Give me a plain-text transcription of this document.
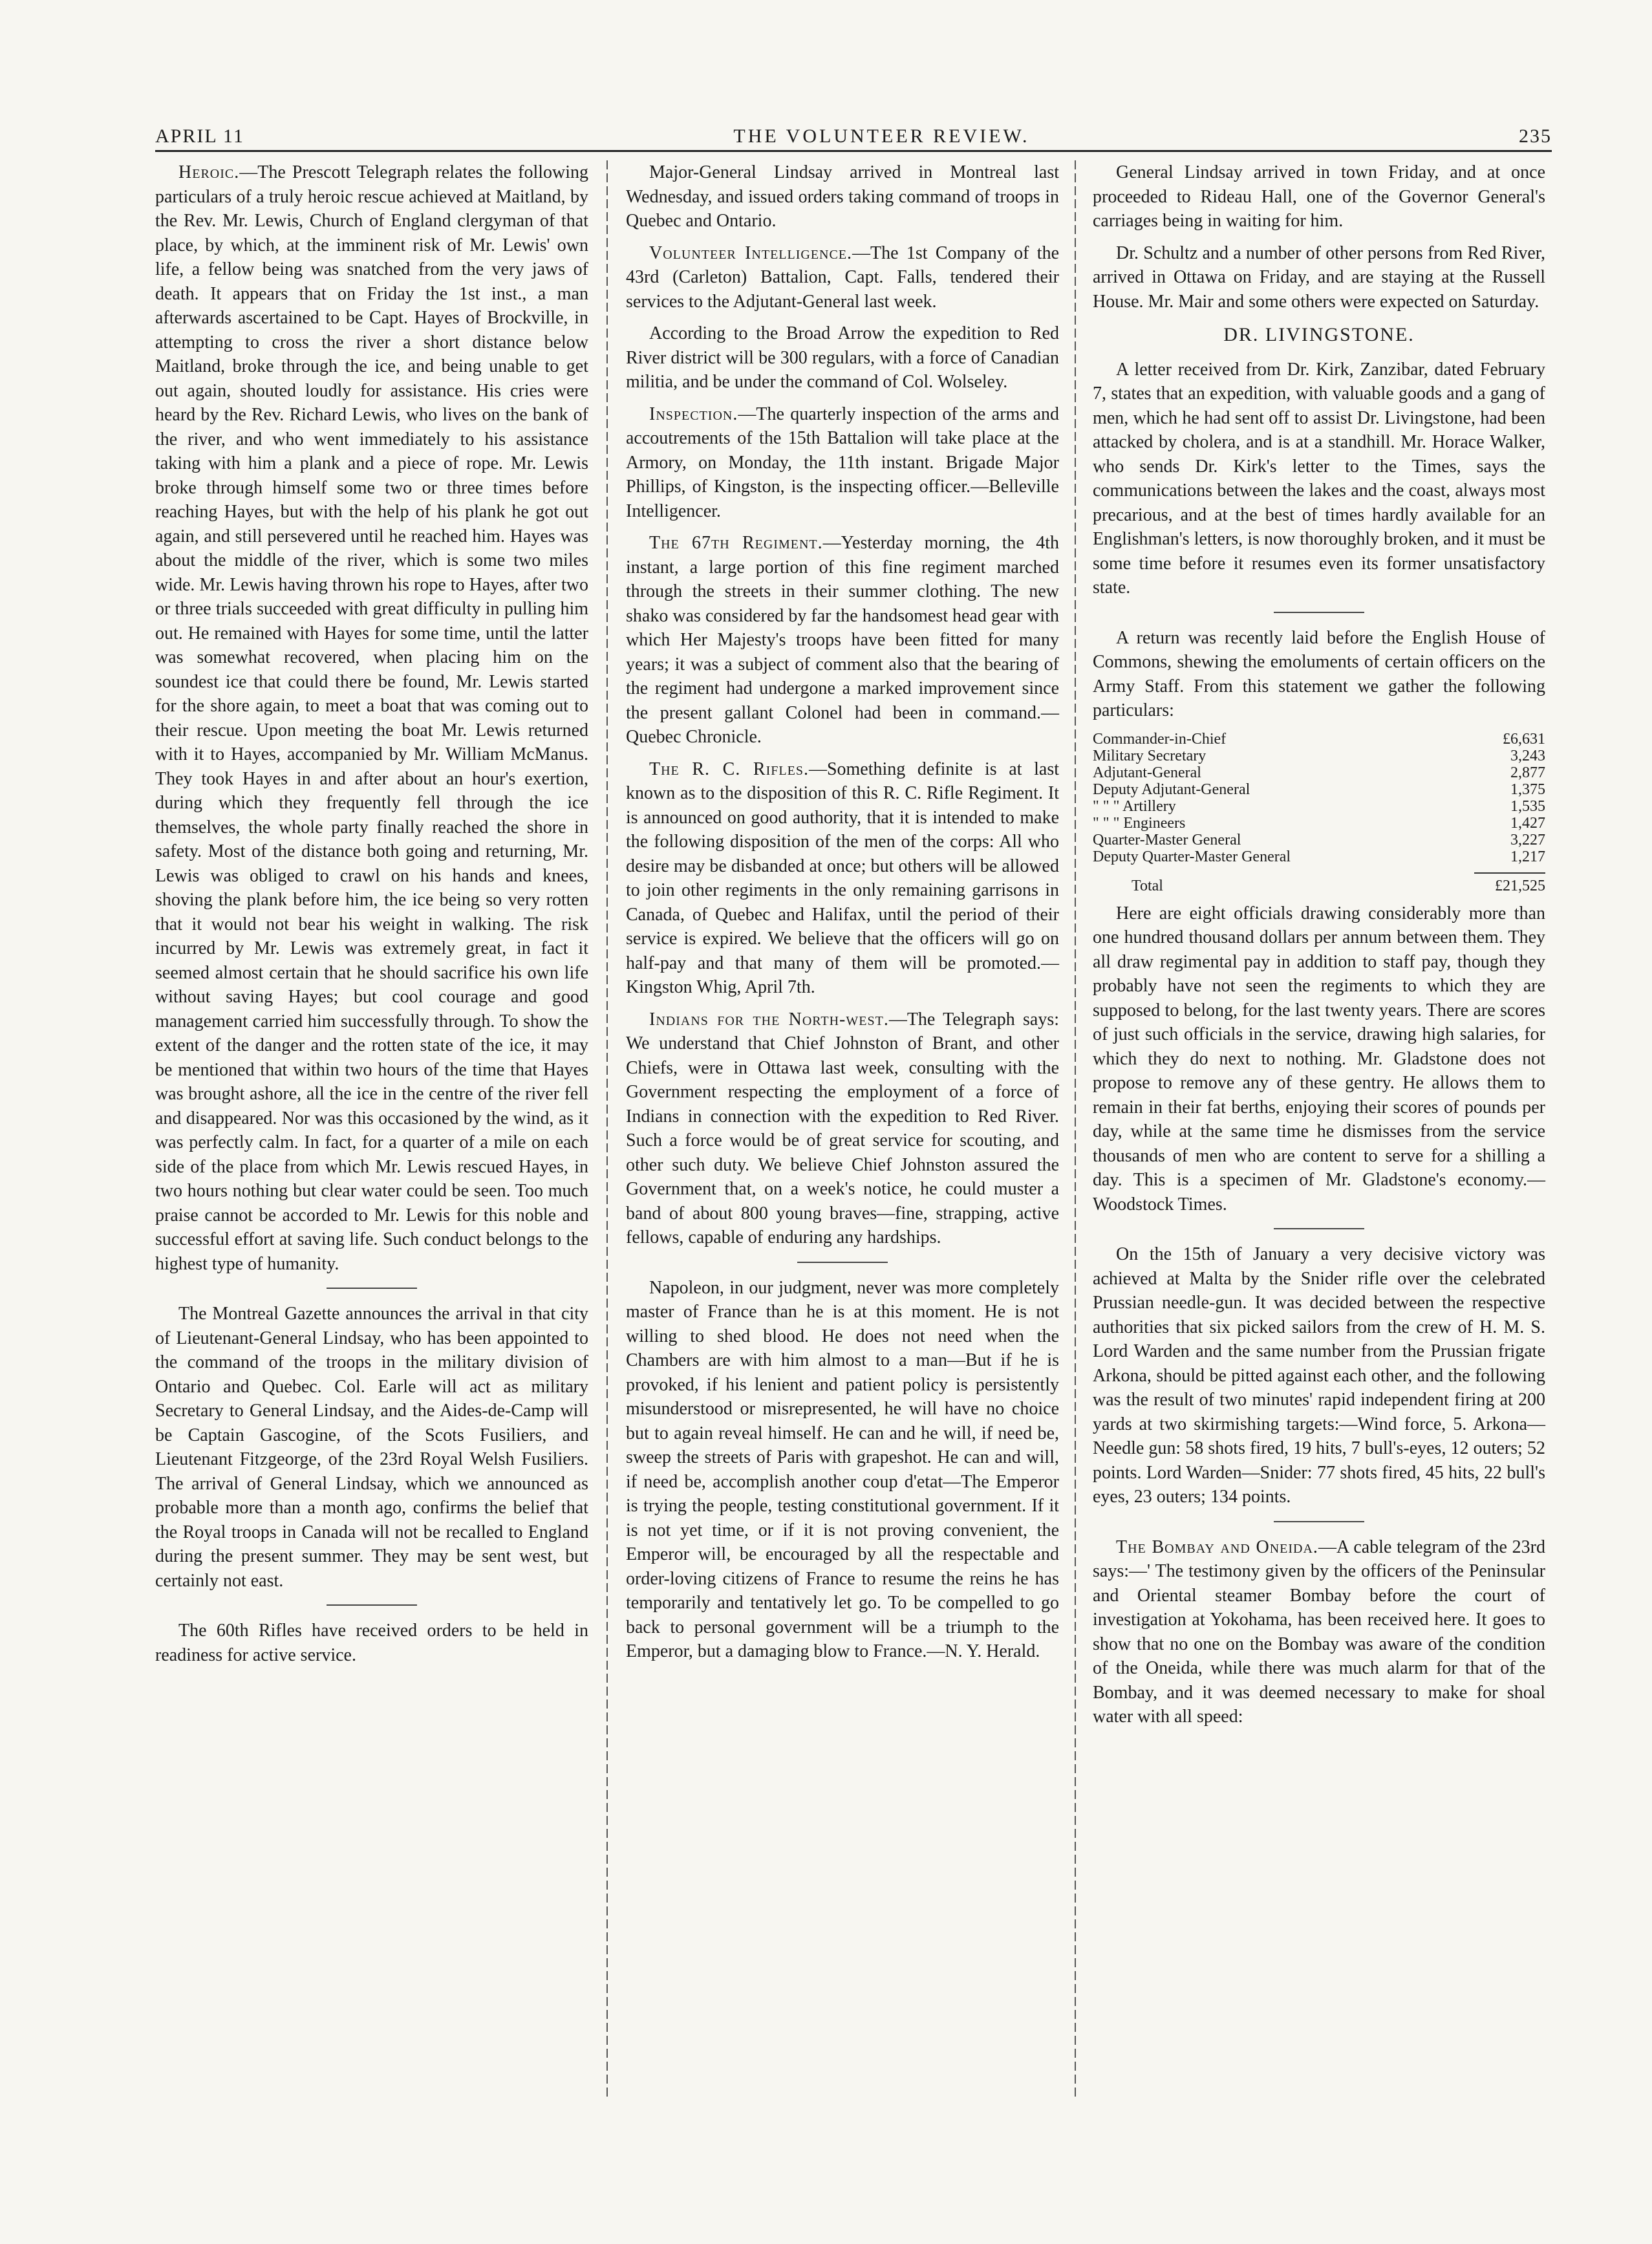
APRIL 11	THE VOLUNTEER REVIEW.	235

Heroic.—The Prescott Telegraph relates the following particulars of a truly heroic rescue achieved at Maitland, by the Rev. Mr. Lewis, Church of England clergyman of that place, by which, at the imminent risk of Mr. Lewis' own life, a fellow being was snatched from the very jaws of death. It appears that on Friday the 1st inst., a man afterwards ascertained to be Capt. Hayes of Brockville, in attempting to cross the river a short distance below Maitland, broke through the ice, and being unable to get out again, shouted loudly for assistance. His cries were heard by the Rev. Richard Lewis, who lives on the bank of the river, and who went immediately to his assistance taking with him a plank and a piece of rope. Mr. Lewis broke through himself some two or three times before reaching Hayes, but with the help of his plank he got out again, and still persevered until he reached him. Hayes was about the middle of the river, which is some two miles wide. Mr. Lewis having thrown his rope to Hayes, after two or three trials succeeded with great difficulty in pulling him out. He remained with Hayes for some time, until the latter was somewhat recovered, when placing him on the soundest ice that could there be found, Mr. Lewis started for the shore again, to meet a boat that was coming out to their rescue. Upon meeting the boat Mr. Lewis returned with it to Hayes, accompanied by Mr. William McManus. They took Hayes in and after about an hour's exertion, during which they frequently fell through the ice themselves, the whole party finally reached the shore in safety. Most of the distance both going and returning, Mr. Lewis was obliged to crawl on his hands and knees, shoving the plank before him, the ice being so very rotten that it would not bear his weight in walking. The risk incurred by Mr. Lewis was extremely great, in fact it seemed almost certain that he should sacrifice his own life without saving Hayes; but cool courage and good management carried him successfully through. To show the extent of the danger and the rotten state of the ice, it may be mentioned that within two hours of the time that Hayes was brought ashore, all the ice in the centre of the river fell and disappeared. Nor was this occasioned by the wind, as it was perfectly calm. In fact, for a quarter of a mile on each side of the place from which Mr. Lewis rescued Hayes, in two hours nothing but clear water could be seen. Too much praise cannot be accorded to Mr. Lewis for this noble and successful effort at saving life. Such conduct belongs to the highest type of humanity.

The Montreal Gazette announces the arrival in that city of Lieutenant-General Lindsay, who has been appointed to the command of the troops in the military division of Ontario and Quebec. Col. Earle will act as military Secretary to General Lindsay, and the Aides-de-Camp will be Captain Gascogine, of the Scots Fusiliers, and Lieutenant Fitzgeorge, of the 23rd Royal Welsh Fusiliers. The arrival of General Lindsay, which we announced as probable more than a month ago, confirms the belief that the Royal troops in Canada will not be recalled to England during the present summer. They may be sent west, but certainly not east.

The 60th Rifles have received orders to be held in readiness for active service.

Major-General Lindsay arrived in Montreal last Wednesday, and issued orders taking command of troops in Quebec and Ontario.

Volunteer Intelligence.—The 1st Company of the 43rd (Carleton) Battalion, Capt. Falls, tendered their services to the Adjutant-General last week.

According to the Broad Arrow the expedition to Red River district will be 300 regulars, with a force of Canadian militia, and be under the command of Col. Wolseley.

Inspection.—The quarterly inspection of the arms and accoutrements of the 15th Battalion will take place at the Armory, on Monday, the 11th instant. Brigade Major Phillips, of Kingston, is the inspecting officer.—Belleville Intelligencer.

The 67th Regiment.—Yesterday morning, the 4th instant, a large portion of this fine regiment marched through the streets in their summer clothing. The new shako was considered by far the handsomest head gear with which Her Majesty's troops have been fitted for many years; it was a subject of comment also that the bearing of the regiment had undergone a marked improvement since the present gallant Colonel had been in command.—Quebec Chronicle.

The R. C. Rifles.—Something definite is at last known as to the disposition of this R. C. Rifle Regiment. It is announced on good authority, that it is intended to make the following disposition of the men of the corps: All who desire may be disbanded at once; but others will be allowed to join other regiments in the only remaining garrisons in Canada, of Quebec and Halifax, until the period of their service is expired. We believe that the officers will go on half-pay and that many of them will be promoted.—Kingston Whig, April 7th.

Indians for the North-west.—The Telegraph says: We understand that Chief Johnston of Brant, and other Chiefs, were in Ottawa last week, consulting with the Government respecting the employment of a force of Indians in connection with the expedition to Red River. Such a force would be of great service for scouting, and other such duty. We believe Chief Johnston assured the Government that, on a week's notice, he could muster a band of about 800 young braves—fine, strapping, active fellows, capable of enduring any hardships.

Napoleon, in our judgment, never was more completely master of France than he is at this moment. He is not willing to shed blood. He does not need when the Chambers are with him almost to a man—But if he is provoked, if his lenient and patient policy is persistently misunderstood or misrepresented, he will have no choice but to again reveal himself. He can and he will, if need be, sweep the streets of Paris with grapeshot. He can and will, if need be, accomplish another coup d'etat—The Emperor is trying the people, testing constitutional government. If it is not yet time, or if it is not proving convenient, the Emperor will, be encouraged by all the respectable and order-loving citizens of France to resume the reins he has temporarily and tentatively let go. To be compelled to go back to personal government will be a triumph to the Emperor, but a damaging blow to France.—N. Y. Herald.

General Lindsay arrived in town Friday, and at once proceeded to Rideau Hall, one of the Governor General's carriages being in waiting for him.

Dr. Schultz and a number of other persons from Red River, arrived in Ottawa on Friday, and are staying at the Russell House. Mr. Mair and some others were expected on Saturday.

DR. LIVINGSTONE.

A letter received from Dr. Kirk, Zanzibar, dated February 7, states that an expedition, with valuable goods and a gang of men, which he had sent off to assist Dr. Livingstone, had been attacked by cholera, and is at a standhill. Mr. Horace Walker, who sends Dr. Kirk's letter to the Times, says the communications between the lakes and the coast, always most precarious, and at the best of times hardly available for an Englishman's letters, is now thoroughly broken, and it must be some time before it resumes even its former unsatisfactory state.

A return was recently laid before the English House of Commons, shewing the emoluments of certain officers on the Army Staff. From this statement we gather the following particulars:

Commander-in-Chief		£6,631
Military Secretary		3,243
Adjutant-General		2,877
Deputy Adjutant-General		1,375
" " " Artillery		1,535
" " " Engineers		1,427
Quarter-Master General		3,227
Deputy Quarter-Master General		1,217
Total		£21,525

Here are eight officials drawing considerably more than one hundred thousand dollars per annum between them. They all draw regimental pay in addition to staff pay, though they probably have not seen the regiments to which they are supposed to belong, for the last twenty years. There are scores of just such officials in the service, drawing high salaries, for which they do next to nothing. Mr. Gladstone does not propose to remove any of these gentry. He allows them to remain in their fat berths, enjoying their scores of pounds per day, while at the same time he dismisses from the service thousands of men who are content to serve for a shilling a day. This is a specimen of Mr. Gladstone's economy.—Woodstock Times.

On the 15th of January a very decisive victory was achieved at Malta by the Snider rifle over the celebrated Prussian needle-gun. It was decided between the respective authorities that six picked sailors from the crew of H. M. S. Lord Warden and the same number from the Prussian frigate Arkona, should be pitted against each other, and the following was the result of two minutes' rapid independent firing at 200 yards at two skirmishing targets:—Wind force, 5. Arkona—Needle gun: 58 shots fired, 19 hits, 7 bull's-eyes, 12 outers; 52 points. Lord Warden—Snider: 77 shots fired, 45 hits, 22 bull's eyes, 23 outers; 134 points.

The Bombay and Oneida.—A cable telegram of the 23rd says:—' The testimony given by the officers of the Peninsular and Oriental steamer Bombay before the court of investigation at Yokohama, has been received here. It goes to show that no one on the Bombay was aware of the condition of the Oneida, while there was much alarm for that of the Bombay, and it was deemed necessary to make for shoal water with all speed:
